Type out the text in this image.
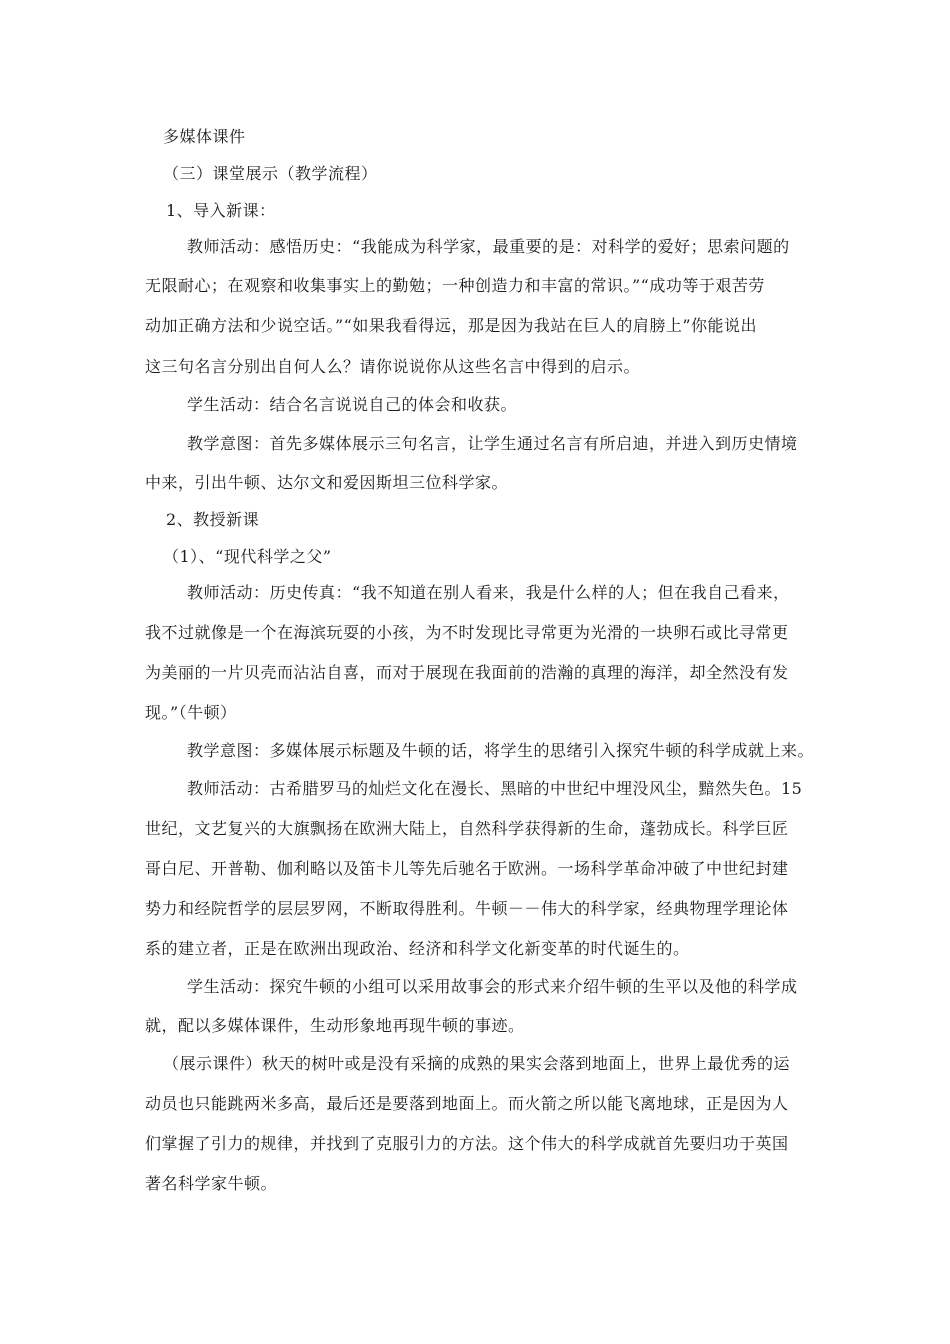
多媒体课件
（三）课堂展示（教学流程）
1、导入新课：
教师活动：感悟历史：“我能成为科学家，最重要的是：对科学的爱好；思索问题的
无限耐心；在观察和收集事实上的勤勉；一种创造力和丰富的常识。”“成功等于艰苦劳
动加正确方法和少说空话。”“如果我看得远，那是因为我站在巨人的肩膀上”你能说出
这三句名言分别出自何人么？请你说说你从这些名言中得到的启示。
学生活动：结合名言说说自己的体会和收获。
教学意图：首先多媒体展示三句名言，让学生通过名言有所启迪，并进入到历史情境
中来，引出牛顿、达尔文和爱因斯坦三位科学家。
2、教授新课
（1）、“现代科学之父”
教师活动：历史传真：“我不知道在别人看来，我是什么样的人；但在我自己看来，
我不过就像是一个在海滨玩耍的小孩，为不时发现比寻常更为光滑的一块卵石或比寻常更
为美丽的一片贝壳而沾沾自喜，而对于展现在我面前的浩瀚的真理的海洋，却全然没有发
现。”（牛顿）
教学意图：多媒体展示标题及牛顿的话，将学生的思绪引入探究牛顿的科学成就上来。
教师活动：古希腊罗马的灿烂文化在漫长、黑暗的中世纪中埋没风尘，黯然失色。15
世纪，文艺复兴的大旗飘扬在欧洲大陆上，自然科学获得新的生命，蓬勃成长。科学巨匠
哥白尼、开普勒、伽利略以及笛卡儿等先后驰名于欧洲。一场科学革命冲破了中世纪封建
势力和经院哲学的层层罗网，不断取得胜利。牛顿－－伟大的科学家，经典物理学理论体
系的建立者，正是在欧洲出现政治、经济和科学文化新变革的时代诞生的。
学生活动：探究牛顿的小组可以采用故事会的形式来介绍牛顿的生平以及他的科学成
就，配以多媒体课件，生动形象地再现牛顿的事迹。
（展示课件）秋天的树叶或是没有采摘的成熟的果实会落到地面上，世界上最优秀的运
动员也只能跳两米多高，最后还是要落到地面上。而火箭之所以能飞离地球，正是因为人
们掌握了引力的规律，并找到了克服引力的方法。这个伟大的科学成就首先要归功于英国
著名科学家牛顿。
